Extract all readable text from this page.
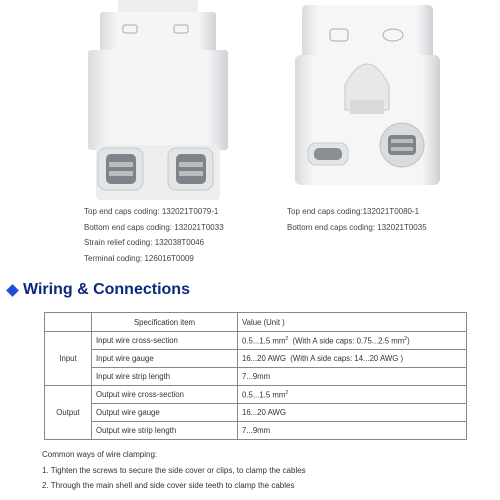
Top end caps coding: 132021T0079-1
Bottom end caps coding: 132021T0033
Strain relief coding: 132038T0046
Terminal coding: 126016T0009
Top end caps coding:132021T0080-1
Bottom end caps coding: 132021T0035
Wiring & Connections
	Specification item	Value (Unit )
Input	Input wire cross-section	0.5...1.5 $mm^2$ (With A side caps: 0.75...2.5 $mm^2$)
	Input wire gauge	16...20 AWG (With A side caps: 14...20 AWG )
	Input wire strip length	7...9mm
Output	Output wire cross-section	0.5...1.5 $mm^2$
	Output wire gauge	16...20 AWG
	Output wire strip length	7...9mm
Common ways of wire clamping:
1. Tighten the screws to secure the side cover or clips, to clamp the cables
2. Through the main shell and side cover side teeth to clamp the cables
